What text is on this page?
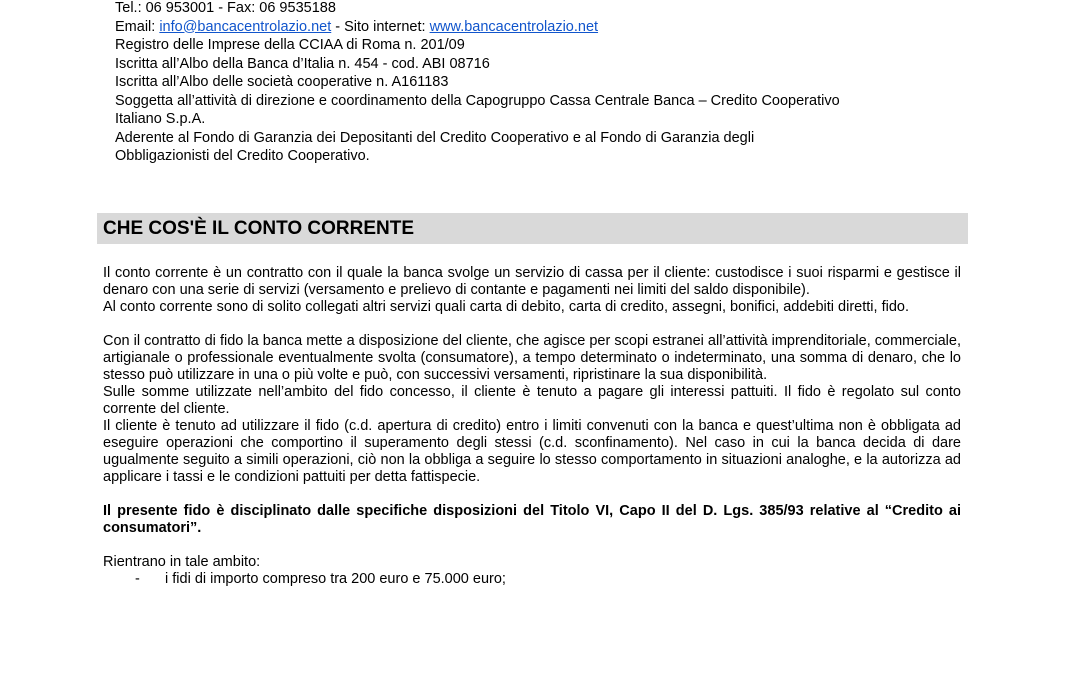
Tel.: 06 953001 - Fax: 06 9535188
Email: info@bancacentrolazio.net - Sito internet: www.bancacentrolazio.net
Registro delle Imprese della CCIAA di Roma n. 201/09
Iscritta all’Albo della Banca d’Italia n. 454 - cod. ABI 08716
Iscritta all’Albo delle società cooperative n. A161183
Soggetta all’attività di direzione e coordinamento della Capogruppo Cassa Centrale Banca – Credito Cooperativo Italiano S.p.A.
Aderente al Fondo di Garanzia dei Depositanti del Credito Cooperativo e al Fondo di Garanzia degli Obbligazionisti del Credito Cooperativo.
CHE COS'È IL CONTO CORRENTE

Il conto corrente è un contratto con il quale la banca svolge un servizio di cassa per il cliente: custodisce i suoi risparmi e gestisce il denaro con una serie di servizi (versamento e prelievo di contante e pagamenti nei limiti del saldo disponibile).

Al conto corrente sono di solito collegati altri servizi quali carta di debito, carta di credito, assegni, bonifici, addebiti diretti, fido.

Con il contratto di fido la banca mette a disposizione del cliente, che agisce per scopi estranei all’attività imprenditoriale, commerciale, artigianale o professionale eventualmente svolta (consumatore), a tempo determinato o indeterminato, una somma di denaro, che lo stesso può utilizzare in una o più volte e può, con successivi versamenti, ripristinare la sua disponibilità.

Sulle somme utilizzate nell’ambito del fido concesso, il cliente è tenuto a pagare gli interessi pattuiti. Il fido è regolato sul conto corrente del cliente.

Il cliente è tenuto ad utilizzare il fido (c.d. apertura di credito) entro i limiti convenuti con la banca e quest’ultima non è obbligata ad eseguire operazioni che comportino il superamento degli stessi (c.d. sconfinamento). Nel caso in cui la banca decida di dare ugualmente seguito a simili operazioni, ciò non la obbliga a seguire lo stesso comportamento in situazioni analoghe, e la autorizza ad applicare i tassi e le condizioni pattuiti per detta fattispecie.

Il presente fido è disciplinato dalle specifiche disposizioni del Titolo VI, Capo II del D. Lgs. 385/93 relative al “Credito ai consumatori”.

Rientrano in tale ambito:

-	i fidi di importo compreso tra 200 euro e 75.000 euro;
